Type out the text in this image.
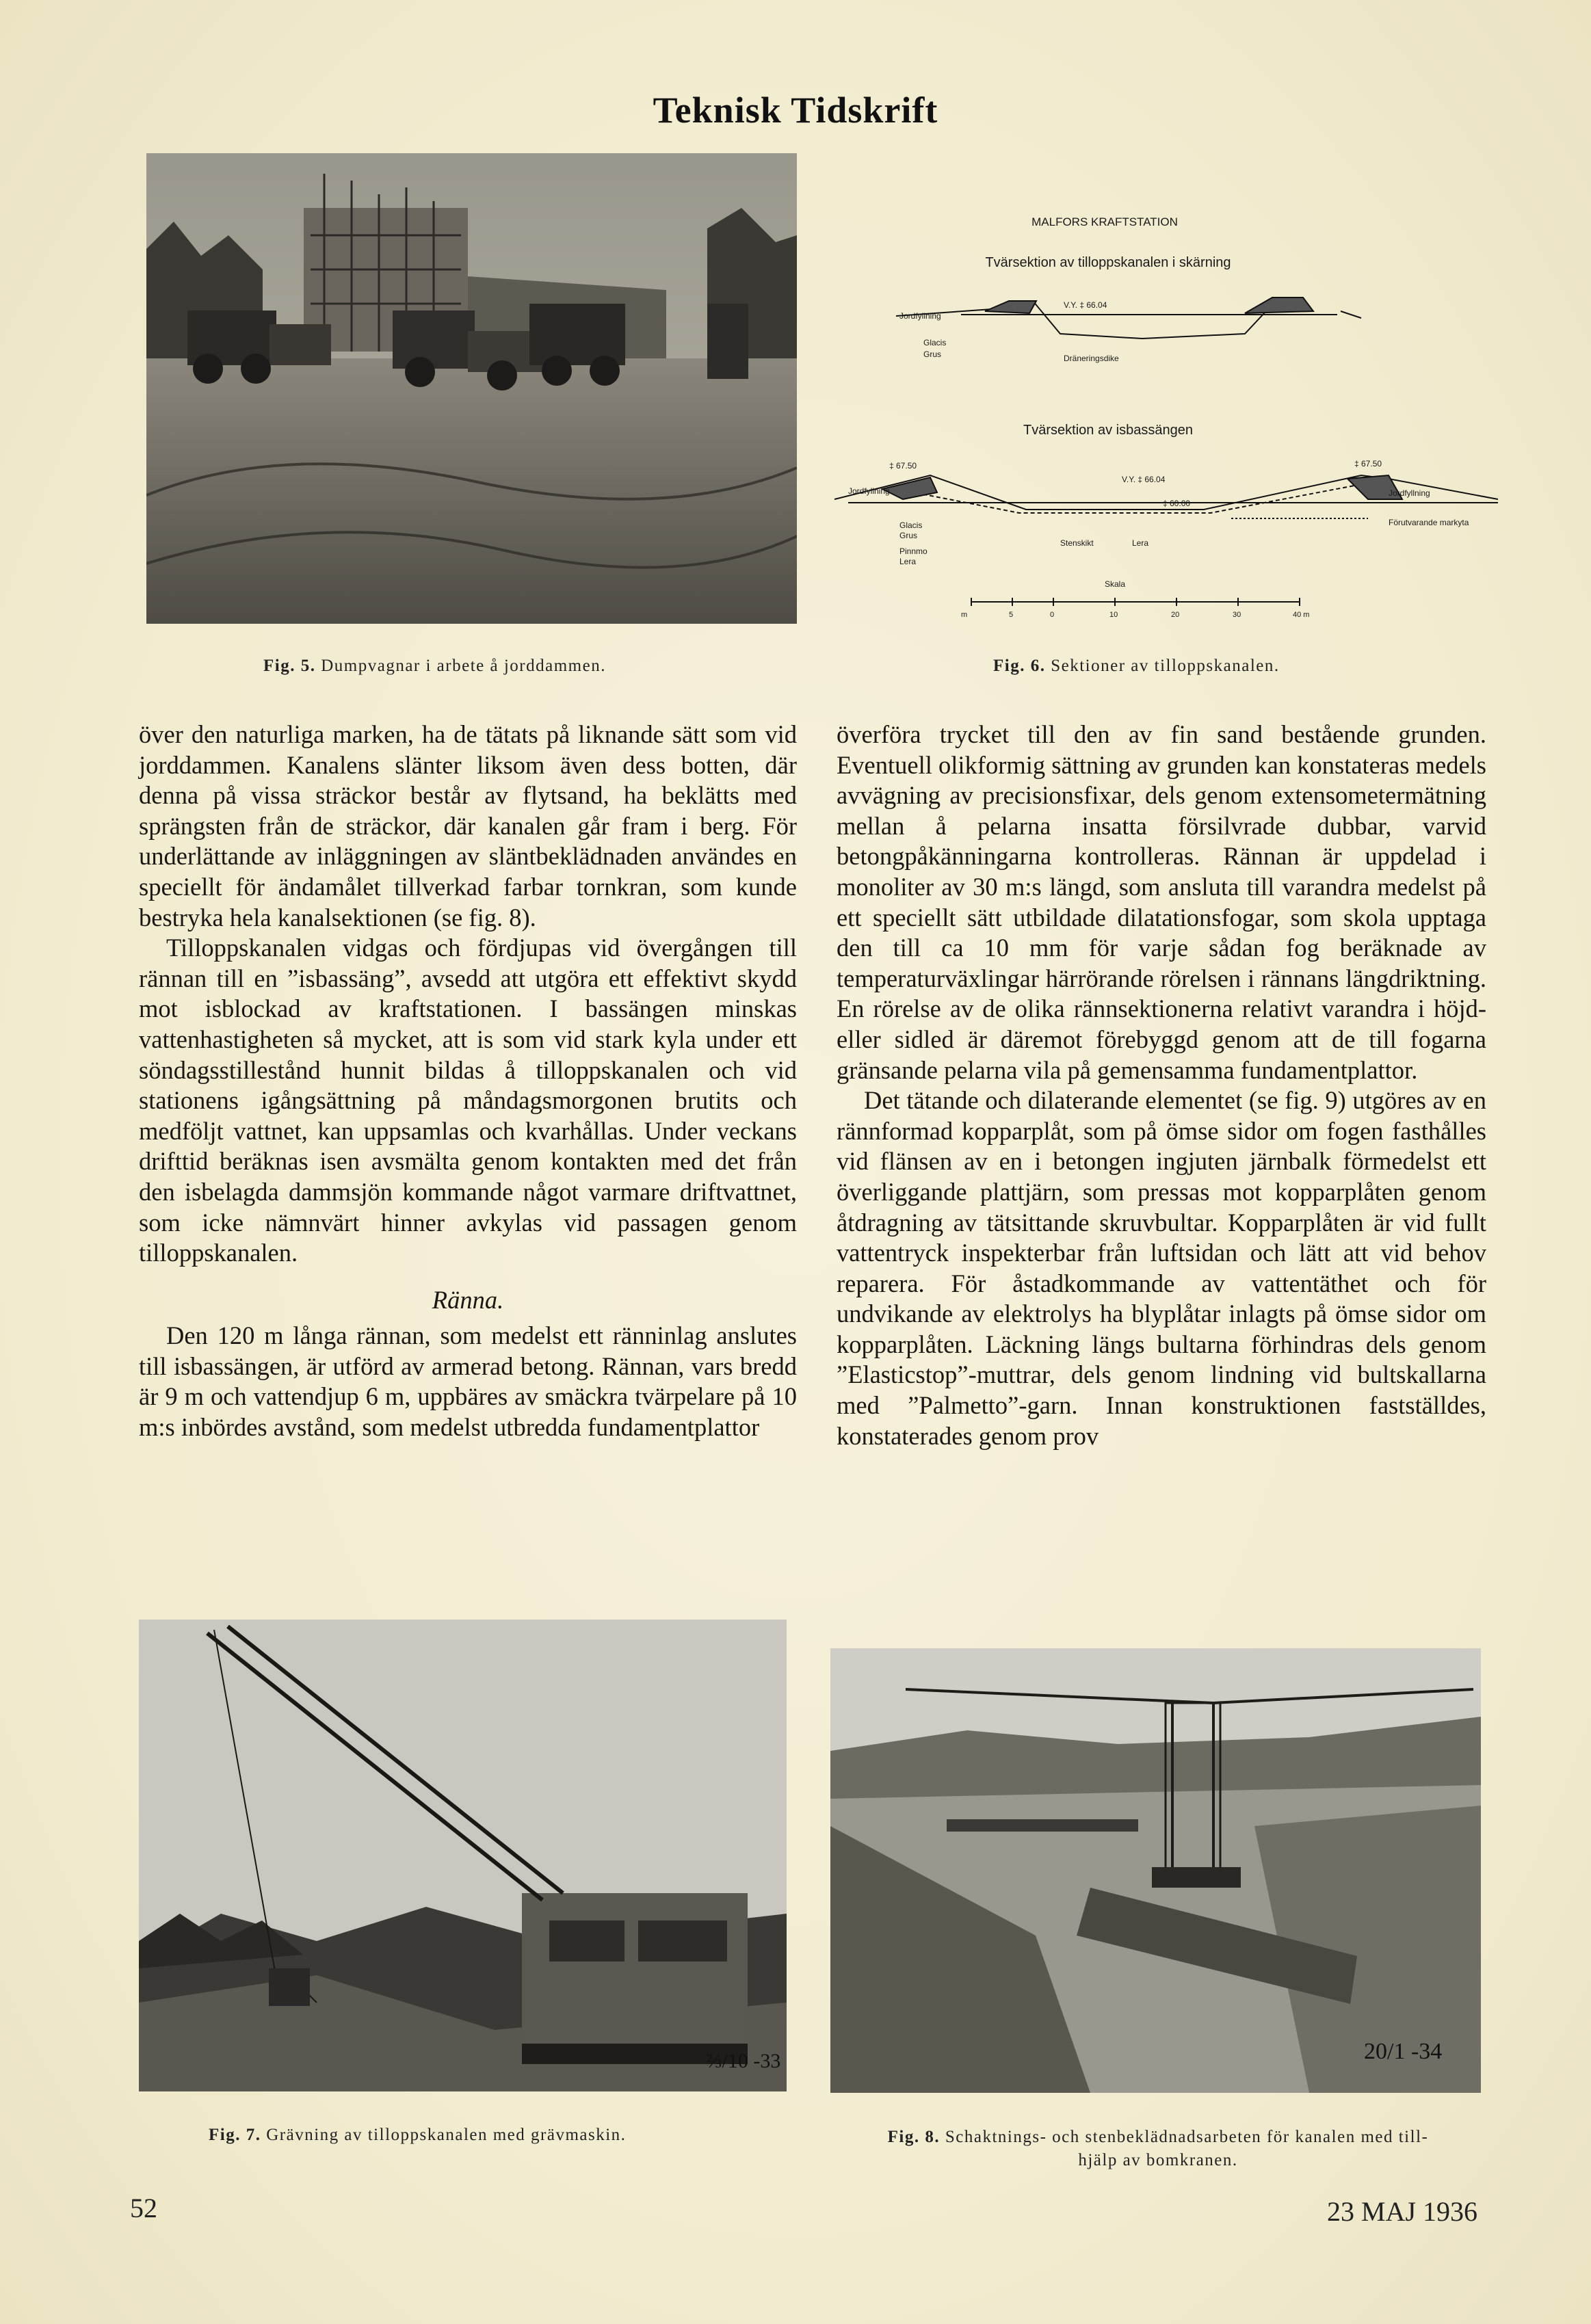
Teknisk Tidskrift
MALFORS KRAFTSTATION
Tvärsektion av tilloppskanalen i skärning
Jordfyllning
V.Y. ‡ 66.04
Glacis
Grus	Dräneringsdike
Tvärsektion av isbassängen
‡ 67.50	‡ 67.50
V.Y. ‡ 66.04
Jordfyllning	Jordfyllning
‡ 60.00
Förutvarande markyta
Glacis
Grus
Pinnmo
Lera
Stenskikt	Lera
Skala
m	5	0	10	20	30	40 m
Fig. 5. Dumpvagnar i arbete å jorddammen.	Fig. 6. Sektioner av tilloppskanalen.

över den naturliga marken, ha de tätats på liknande sätt som vid jorddammen. Kanalens slänter liksom även dess botten, där denna på vissa sträckor består av flytsand, ha beklätts med sprängsten från de sträckor, där kanalen går fram i berg. För underlättande av inläggningen av släntbeklädnaden användes en speciellt för ändamålet tillverkad farbar tornkran, som kunde bestryka hela kanalsektionen (se fig. 8).

Tilloppskanalen vidgas och fördjupas vid övergången till rännan till en ”isbassäng”, avsedd att utgöra ett effektivt skydd mot isblockad av kraftstationen. I bassängen minskas vattenhastigheten så mycket, att is som vid stark kyla under ett söndagsstillestånd hunnit bildas å tilloppskanalen och vid stationens igångsättning på måndagsmorgonen brutits och medföljt vattnet, kan uppsamlas och kvarhållas. Under veckans drifttid beräknas isen avsmälta genom kontakten med det från den isbelagda dammsjön kommande något varmare driftvattnet, som icke nämnvärt hinner avkylas vid passagen genom tilloppskanalen.

Ränna.

Den 120 m långa rännan, som medelst ett ränninlag anslutes till isbassängen, är utförd av armerad betong. Rännan, vars bredd är 9 m och vattendjup 6 m, uppbäres av smäckra tvärpelare på 10 m:s inbördes avstånd, som medelst utbredda fundamentplattor

överföra trycket till den av fin sand bestående grunden. Eventuell olikformig sättning av grunden kan konstateras medels avvägning av precisionsfixar, dels genom extensometermätning mellan å pelarna insatta försilvrade dubbar, varvid betongpåkänningarna kontrolleras. Rännan är uppdelad i monoliter av 30 m:s längd, som ansluta till varandra medelst på ett speciellt sätt utbildade dilatationsfogar, som skola upptaga den till ca 10 mm för varje sådan fog beräknade av temperaturväxlingar härrörande rörelsen i rännans längdriktning. En rörelse av de olika rännsektionerna relativt varandra i höjd- eller sidled är däremot förebyggd genom att de till fogarna gränsande pelarna vila på gemensamma fundamentplattor.

Det tätande och dilaterande elementet (se fig. 9) utgöres av en rännformad kopparplåt, som på ömse sidor om fogen fasthålles vid flänsen av en i betongen ingjuten järnbalk förmedelst ett överliggande plattjärn, som pressas mot kopparplåten genom åtdragning av tätsittande skruvbultar. Kopparplåten är vid fullt vattentryck inspekterbar från luftsidan och lätt att vid behov reparera. För åstadkommande av vattentäthet och för undvikande av elektrolys ha blyplåtar inlagts på ömse sidor om kopparplåten. Läckning längs bultarna förhindras dels genom ”Elasticstop”-muttrar, dels genom lindning vid bultskallarna med ”Palmetto”-garn. Innan konstruktionen fastställdes, konstaterades genom prov

⅔/10 -33	20/1 -34
Fig. 7. Grävning av tilloppskanalen med grävmaskin.	Fig. 8. Schaktnings- och stenbeklädnadsarbeten för kanalen med till-
hjälp av bomkranen.
52	23 MAJ 1936
